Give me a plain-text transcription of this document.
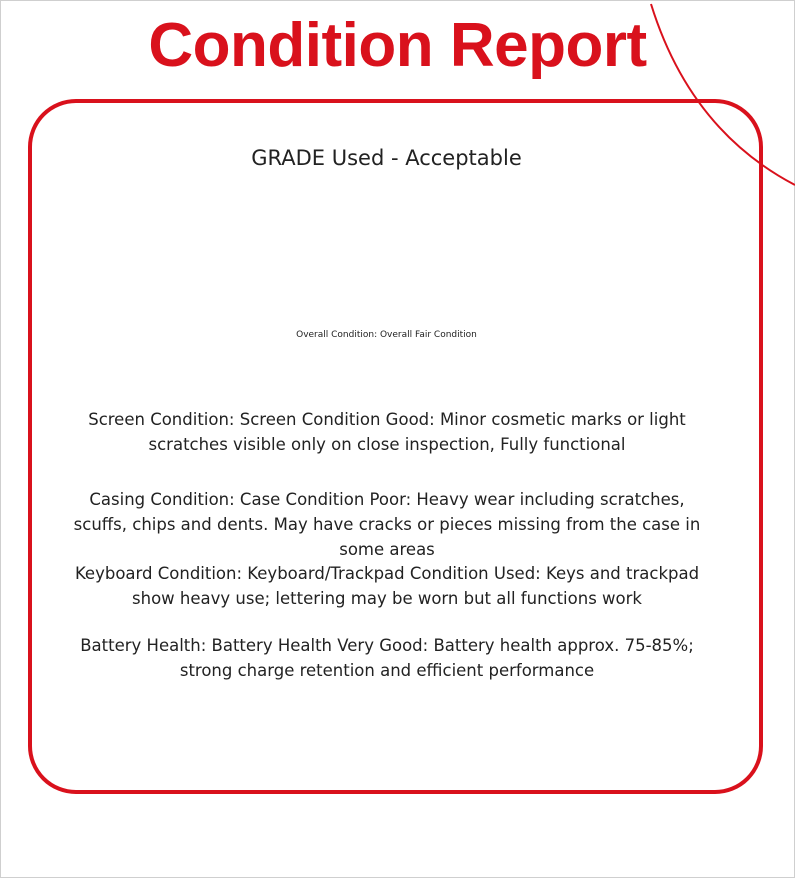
Condition Report
GRADE Used - Acceptable
Overall Condition: Overall Fair Condition

Screen Condition: Screen Condition Good: Minor cosmetic marks or light scratches visible only on close inspection, Fully functional

Casing Condition: Case Condition Poor: Heavy wear including scratches, scuffs, chips and dents. May have cracks or pieces missing from the case in some areas

Keyboard Condition: Keyboard/Trackpad Condition Used: Keys and trackpad show heavy use; lettering may be worn but all functions work

Battery Health: Battery Health Very Good: Battery health approx. 75-85%; strong charge retention and efficient performance
